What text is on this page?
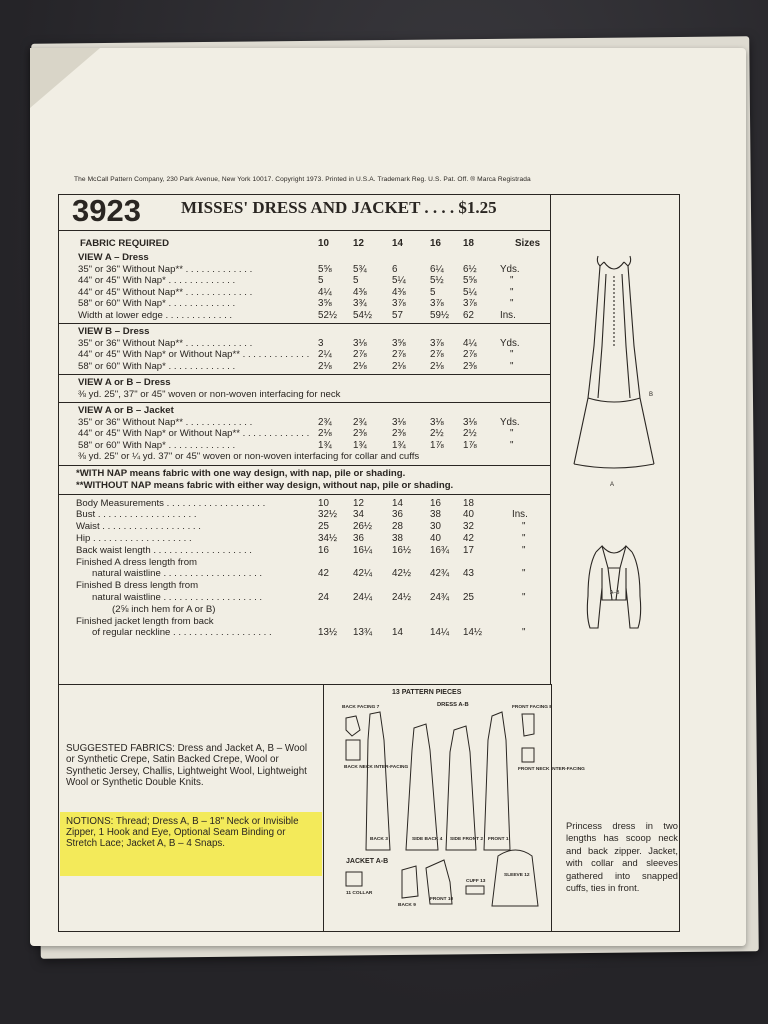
The McCall Pattern Company, 230 Park Avenue, New York 10017. Copyright 1973. Printed in U.S.A. Trademark Reg. U.S. Pat. Off. ® Marca Registrada
3923 MISSES' DRESS AND JACKET . . . . $1.25
FABRIC REQUIRED	10 12	14	16 18	Sizes
VIEW A – Dress
35" or 36" Without Nap** . . . . . . . . . . . . .	5⅝ 5¾	6	6¼ 6½ Yds.
44" or 45" With Nap* . . . . . . . . . . . . .	5	5	5¼ 5½ 5⅝	"
44" or 45" Without Nap** . . . . . . . . . . . . .	4¼ 4⅜	4⅜ 5	5¼	"
58" or 60" With Nap* . . . . . . . . . . . . .	3⅝ 3¾	3⅞ 3⅞ 3⅞	"
Width at lower edge . . . . . . . . . . . . .	52½ 54½ 57	59½ 62	Ins.
VIEW B – Dress
35" or 36" Without Nap** . . . . . . . . . . . . .	3	3⅛	3⅝ 3⅞ 4¼ Yds.
44" or 45" With Nap* or Without Nap** . . . . . . . . . . . . . 2¼ 2⅞	2⅞ 2⅞ 2⅞	"
58" or 60" With Nap* . . . . . . . . . . . . .	2⅛ 2⅛	2⅛ 2⅛ 2⅜	"
VIEW A or B – Dress
⅜ yd. 25", 37" or 45" woven or non-woven interfacing for neck
VIEW A or B – Jacket
35" or 36" Without Nap** . . . . . . . . . . . . .	2¾ 2¾	3⅛ 3⅛ 3⅛ Yds.
44" or 45" With Nap* or Without Nap** . . . . . . . . . . . . . 2⅛ 2⅜	2⅜ 2½ 2½	"
58" or 60" With Nap* . . . . . . . . . . . . .	1¾ 1¾	1¾ 1⅞ 1⅞	"
⅜ yd. 25" or ¼ yd. 37" or 45" woven or non-woven interfacing for collar and cuffs
*WITH NAP means fabric with one way design, with nap, pile or shading.
**WITHOUT NAP means fabric with either way design, without nap, pile or shading.
Body Measurements . . . . . . . . . . . . . . . . . . .	10 12	14	16 18
Bust . . . . . . . . . . . . . . . . . . .	32½ 34	36	38 40	Ins.
Waist . . . . . . . . . . . . . . . . . . .	25 26½ 28	30 32	"
Hip . . . . . . . . . . . . . . . . . . .	34½ 36	38	40 42	"
Back waist length . . . . . . . . . . . . . . . . . . .	16 16¼ 16½ 16¾ 17	"
Finished A dress length from
natural waistline . . . . . . . . . . . . . . . . . . .	42 42¼ 42½ 42¾ 43	"
Finished B dress length from
natural waistline . . . . . . . . . . . . . . . . . . .	24 24¼ 24½ 24¾ 25	"
(2⅝ inch hem for A or B)
Finished jacket length from back
of regular neckline . . . . . . . . . . . . . . . . . . .	13½ 13¾ 14	14¼ 14½	"
B
A
A–B
SUGGESTED FABRICS: Dress and Jacket A, B – Wool or Synthetic Crepe, Satin Backed Crepe, Wool or Synthetic Jersey, Challis, Lightweight Wool, Lightweight Wool or Synthetic Double Knits.
NOTIONS: Thread; Dress A, B – 18" Neck or Invisible Zipper, 1 Hook and Eye, Optional Seam Binding or Stretch Lace; Jacket A, B – 4 Snaps.
13 PATTERN PIECES
DRESS A-B
JACKET A-B
BACK FACING 7
BACK NECK INTER-FACING
BACK 3	SIDE BACK 4 SIDE FRONT 2 FRONT 1
FRONT FACING 8
FRONT NECK INTER-FACING
11 COLLAR
BACK 9
FRONT 10
CUFF 13
SLEEVE 12
Princess dress in two lengths has scoop neck and back zipper. Jacket, with collar and sleeves gathered into snapped cuffs, ties in front.
